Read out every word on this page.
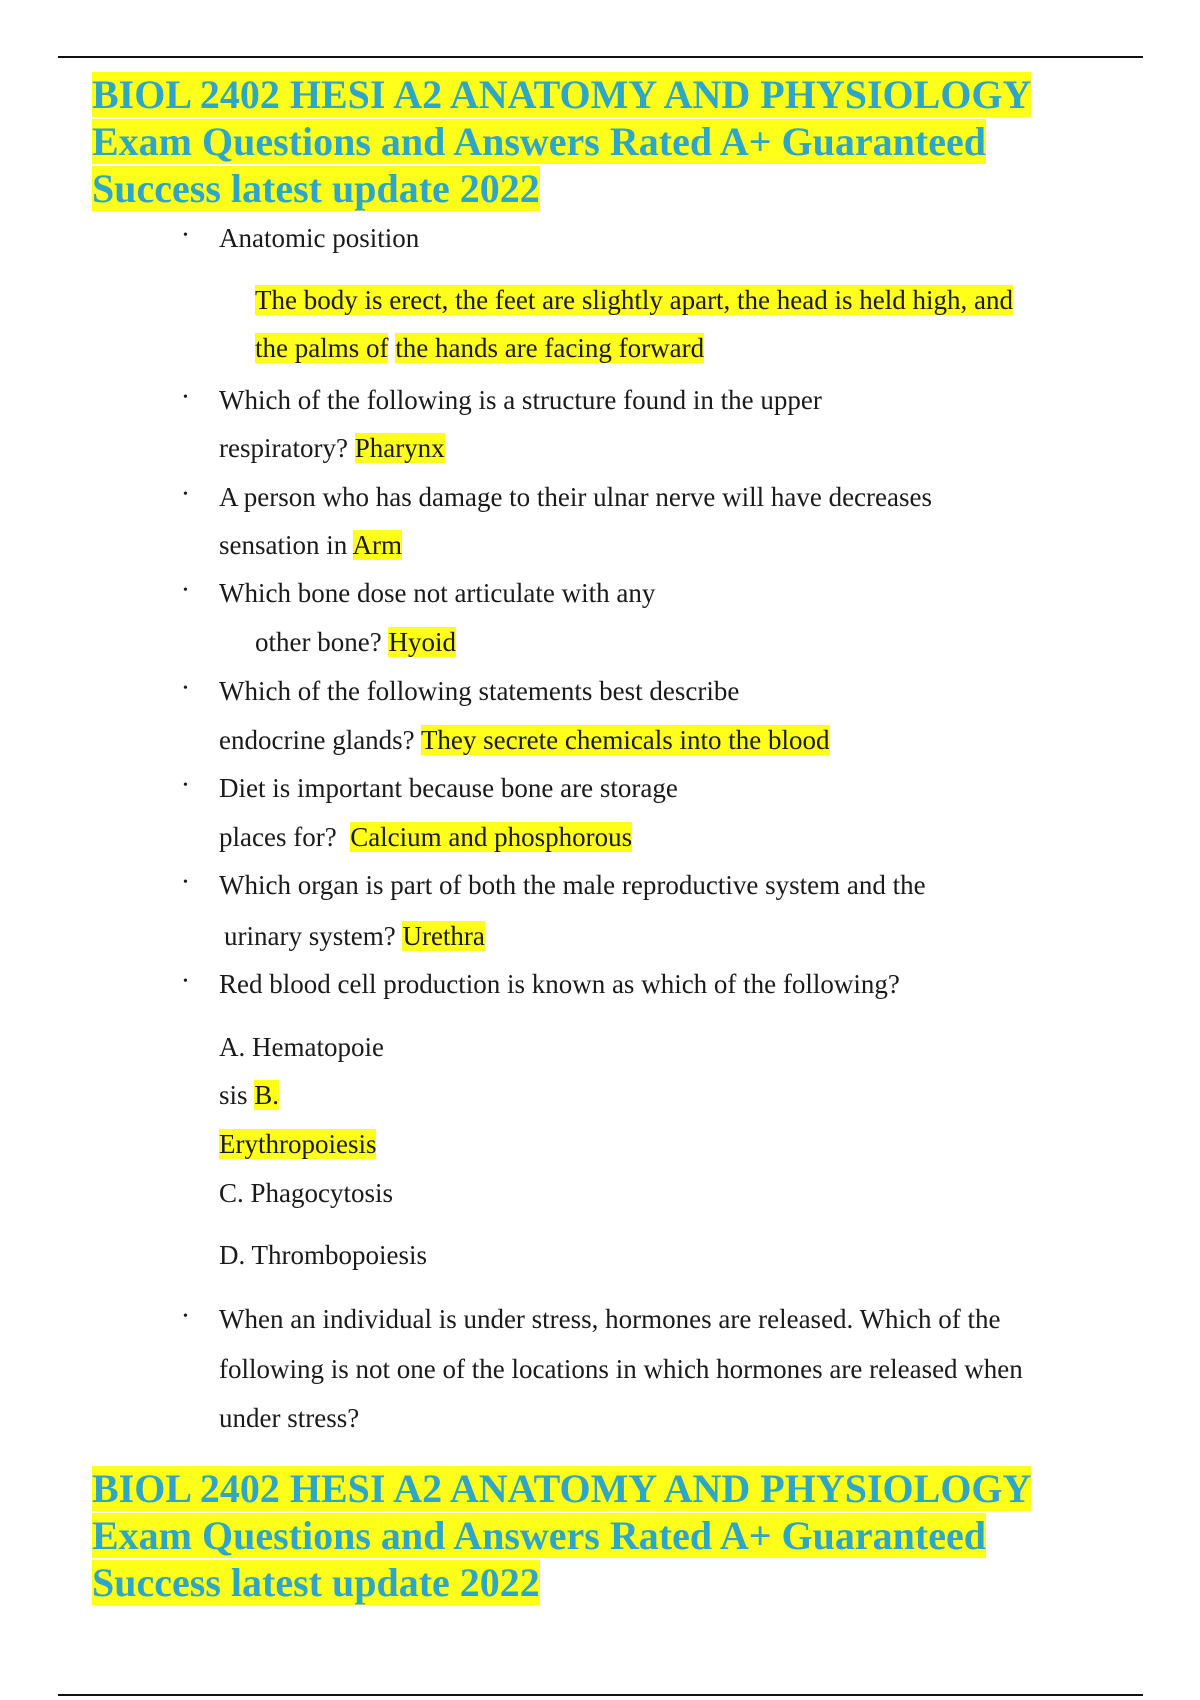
BIOL 2402 HESI A2 ANATOMY AND PHYSIOLOGY
Exam Questions and Answers Rated A+ Guaranteed
Success latest update 2022
• Anatomic position
The body is erect, the feet are slightly apart, the head is held high, and
the palms of the hands are facing forward
• Which of the following is a structure found in the upper
respiratory? Pharynx
• A person who has damage to their ulnar nerve will have decreases
sensation in Arm
• Which bone dose not articulate with any
other bone? Hyoid
• Which of the following statements best describe
endocrine glands? They secrete chemicals into the blood
• Diet is important because bone are storage
places for? Calcium and phosphorous
• Which organ is part of both the male reproductive system and the
urinary system? Urethra
• Red blood cell production is known as which of the following?
A. Hematopoie
sis B.
Erythropoiesis
C. Phagocytosis
D. Thrombopoiesis
• When an individual is under stress, hormones are released. Which of the
following is not one of the locations in which hormones are released when
under stress?
BIOL 2402 HESI A2 ANATOMY AND PHYSIOLOGY
Exam Questions and Answers Rated A+ Guaranteed
Success latest update 2022
